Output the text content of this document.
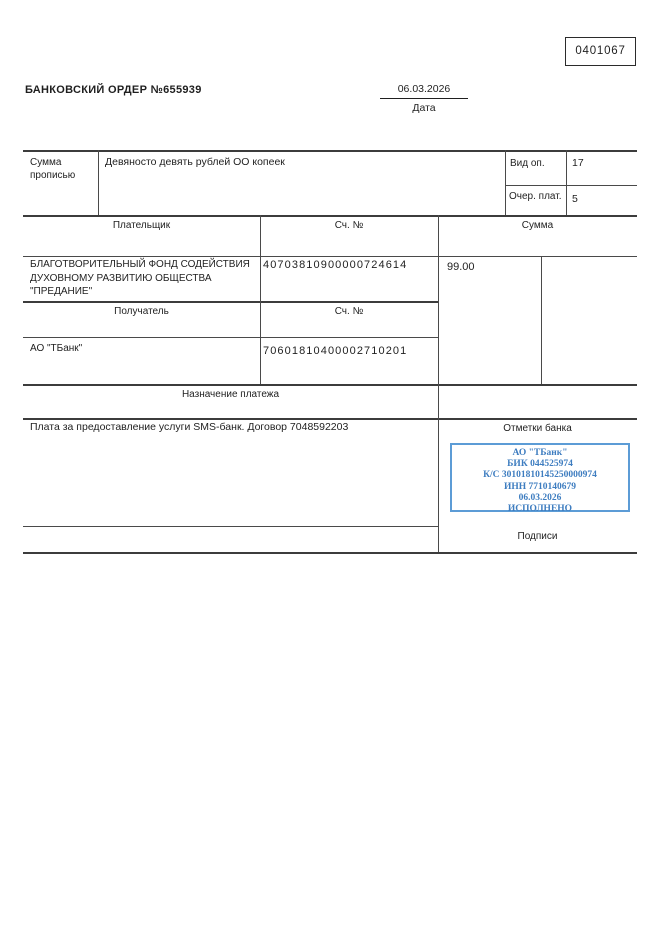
0401067
БАНКОВСКИЙ ОРДЕР №655939	06.03.2026
Дата
Сумма прописью
Девяносто девять рублей ОО копеек	Вид оп.	17
Очер. плат. 5
Плательщик	Сч. №	Сумма
БЛАГОТВОРИТЕЛЬНЫЙ ФОНД СОДЕЙСТВИЯ ДУХОВНОМУ РАЗВИТИЮ ОБЩЕСТВА "ПРЕДАНИЕ"
40703810900000724614	99.00
Получатель	Сч. №
АО "ТБанк"	70601810400002710201
Назначение платежа
Плата за предоставление услуги SMS-банк. Договор 7048592203	Отметки банка
АО "ТБанк"
БИК 044525974
К/С 30101810145250000974
ИНН 7710140679
06.03.2026
ИСПОЛНЕНО
Подписи
